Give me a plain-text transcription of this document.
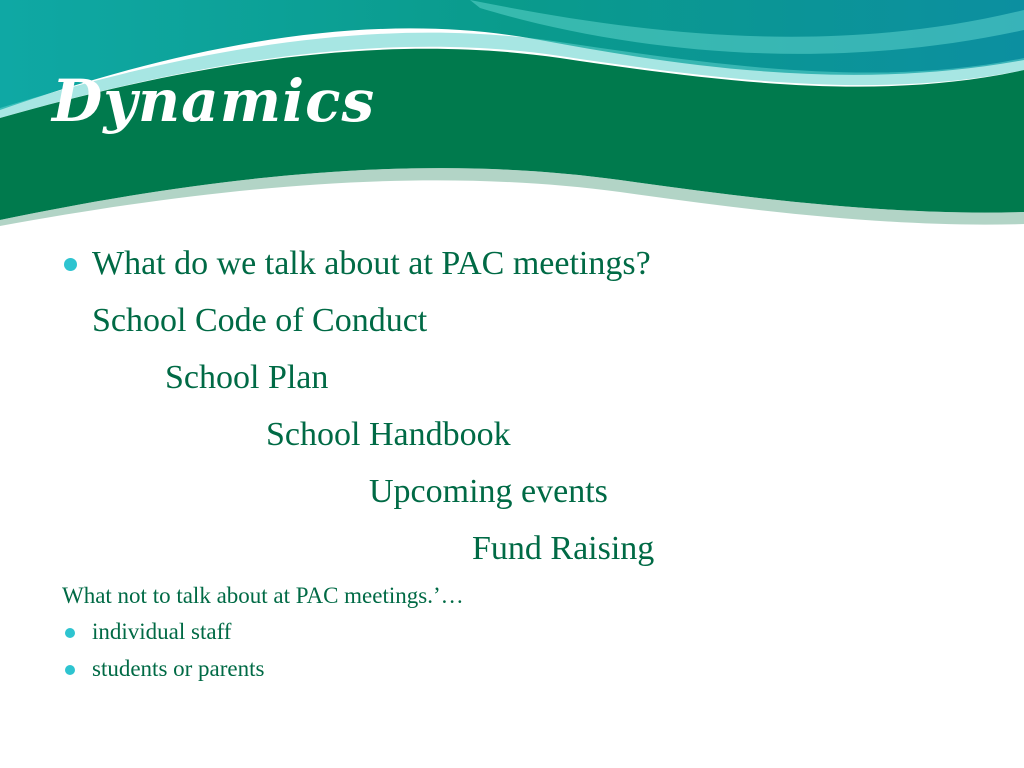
Dynamics

What do we talk about at PAC meetings?

School Code of Conduct

School Plan

School Handbook

Upcoming events

Fund Raising

What not to talk about at PAC meetings.’…

individual staff

students or parents
